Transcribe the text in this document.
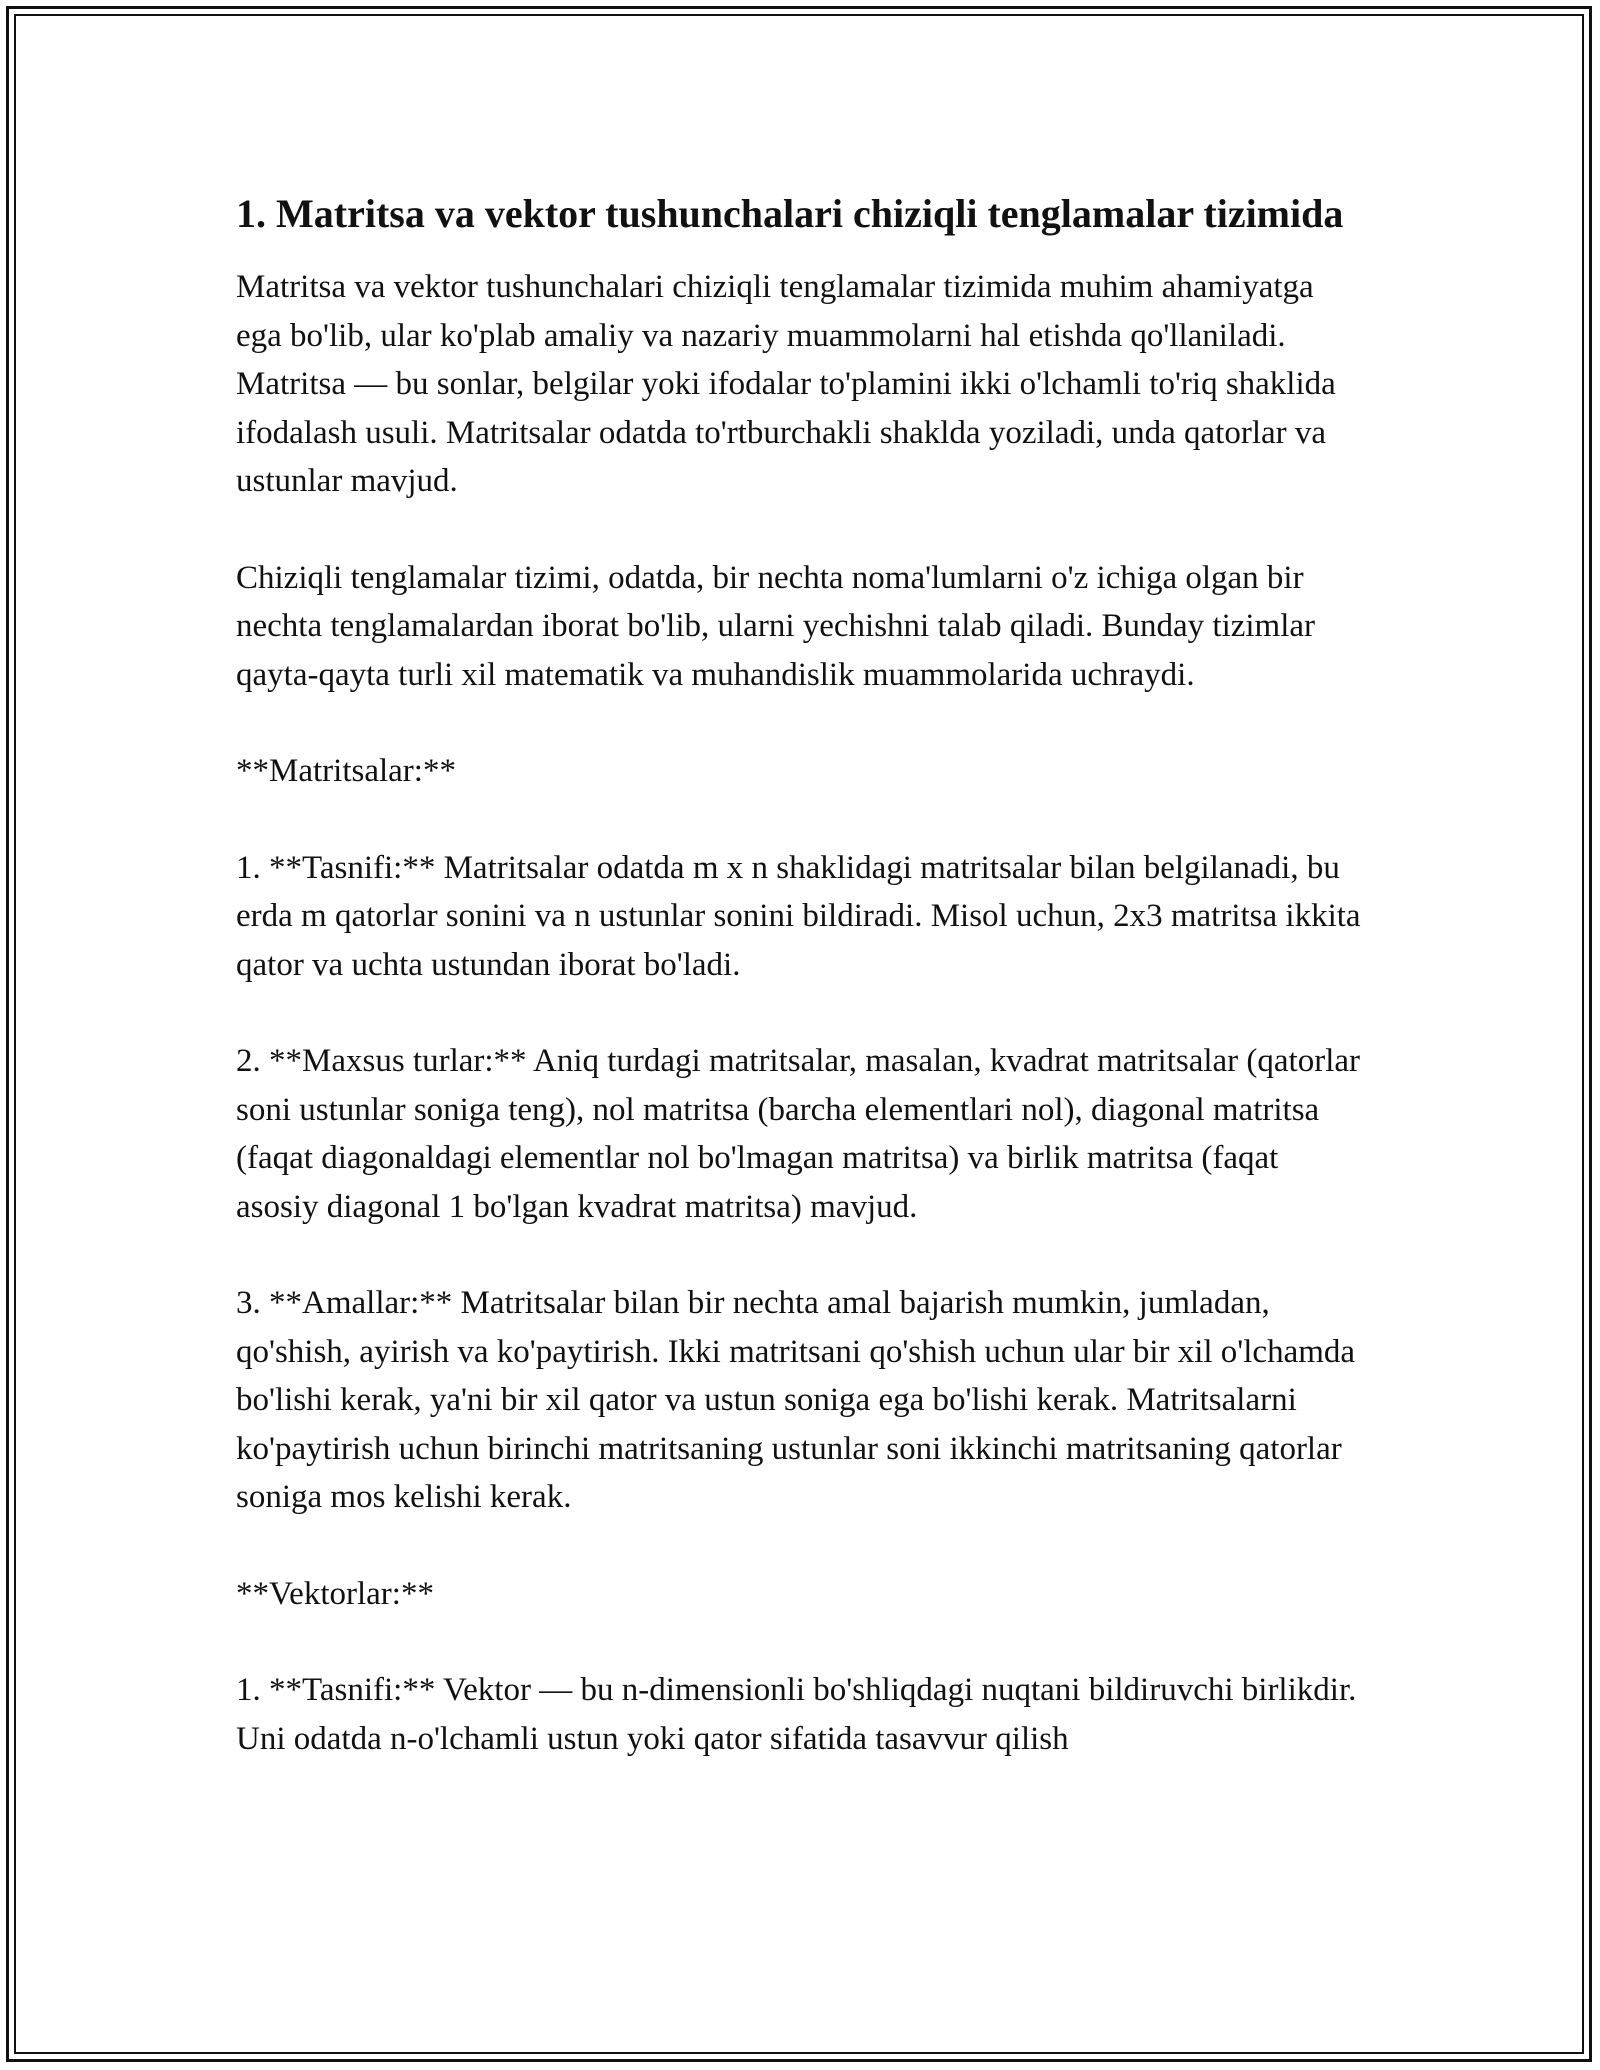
1. Matritsa va vektor tushunchalari chiziqli tenglamalar tizimida

Matritsa va vektor tushunchalari chiziqli tenglamalar tizimida muhim ahamiyatga ega bo'lib, ular ko'plab amaliy va nazariy muammolarni hal etishda qo'llaniladi. Matritsa — bu sonlar, belgilar yoki ifodalar to'plamini ikki o'lchamli to'riq shaklida ifodalash usuli. Matritsalar odatda to'rtburchakli shaklda yoziladi, unda qatorlar va ustunlar mavjud.

Chiziqli tenglamalar tizimi, odatda, bir nechta noma'lumlarni o'z ichiga olgan bir nechta tenglamalardan iborat bo'lib, ularni yechishni talab qiladi. Bunday tizimlar qayta-qayta turli xil matematik va muhandislik muammolarida uchraydi.

**Matritsalar:**

1. **Tasnifi:** Matritsalar odatda m x n shaklidagi matritsalar bilan belgilanadi, bu erda m qatorlar sonini va n ustunlar sonini bildiradi. Misol uchun, 2x3 matritsa ikkita qator va uchta ustundan iborat bo'ladi.

2. **Maxsus turlar:** Aniq turdagi matritsalar, masalan, kvadrat matritsalar (qatorlar soni ustunlar soniga teng), nol matritsa (barcha elementlari nol), diagonal matritsa (faqat diagonaldagi elementlar nol bo'lmagan matritsa) va birlik matritsa (faqat asosiy diagonal 1 bo'lgan kvadrat matritsa) mavjud.

3. **Amallar:** Matritsalar bilan bir nechta amal bajarish mumkin, jumladan, qo'shish, ayirish va ko'paytirish. Ikki matritsani qo'shish uchun ular bir xil o'lchamda bo'lishi kerak, ya'ni bir xil qator va ustun soniga ega bo'lishi kerak. Matritsalarni ko'paytirish uchun birinchi matritsaning ustunlar soni ikkinchi matritsaning qatorlar soniga mos kelishi kerak.

**Vektorlar:**

1. **Tasnifi:** Vektor — bu n-dimensionli bo'shliqdagi nuqtani bildiruvchi birlikdir. Uni odatda n-o'lchamli ustun yoki qator sifatida tasavvur qilish
